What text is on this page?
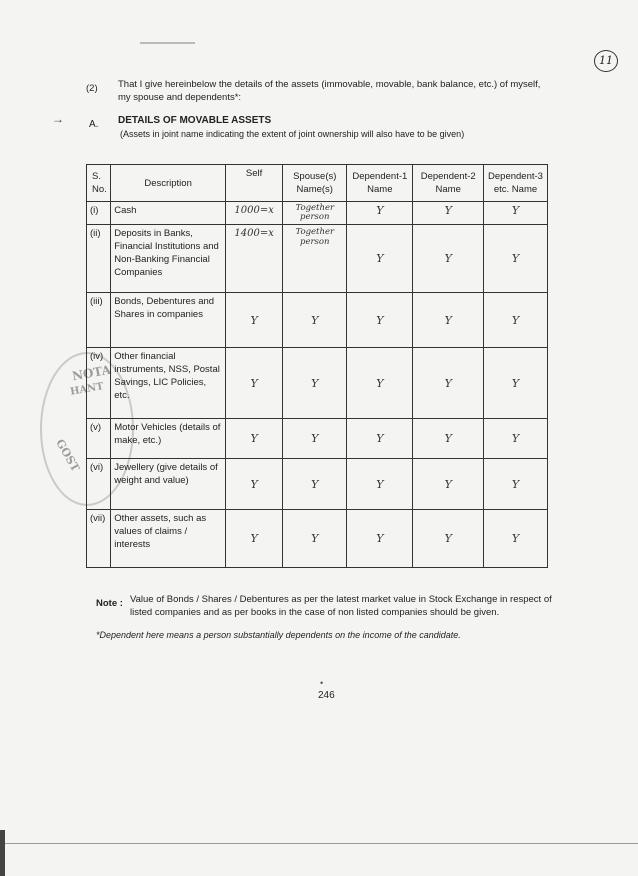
11
(2) That I give hereinbelow the details of the assets (immovable, movable, bank balance, etc.) of myself, my spouse and dependents*:
→	A. DETAILS OF MOVABLE ASSETS
(Assets in joint name indicating the extent of joint ownership will also have to be given)
NOTA
HANT
GOST
S. No.	Description	Self	Spouse(s) Name(s)	Dependent-1 Name	Dependent-2 Name	Dependent-3 etc. Name
(i)	Cash	1000=x	Together person	Y	Y	Y

(ii)	Deposits in Banks, Financial Institutions and Non-Banking Financial Companies	1400=x	Together person	Y	Y	Y

(iii)	Bonds, Debentures and Shares in companies	Y	Y	Y	Y	Y

(iv)	Other financial instruments, NSS, Postal Savings, LIC Policies, etc.	Y	Y	Y	Y	Y

(v)	Motor Vehicles (details of make, etc.)	Y	Y	Y	Y	Y

(vi)	Jewellery (give details of weight and value)	Y	Y	Y	Y	Y

(vii)	Other assets, such as values of claims / interests	Y	Y	Y	Y	Y
Note : Value of Bonds / Shares / Debentures as per the latest market value in Stock Exchange in respect of listed companies and as per books in the case of non listed companies should be given.
*Dependent here means a person substantially dependents on the income of the candidate.
•
246
